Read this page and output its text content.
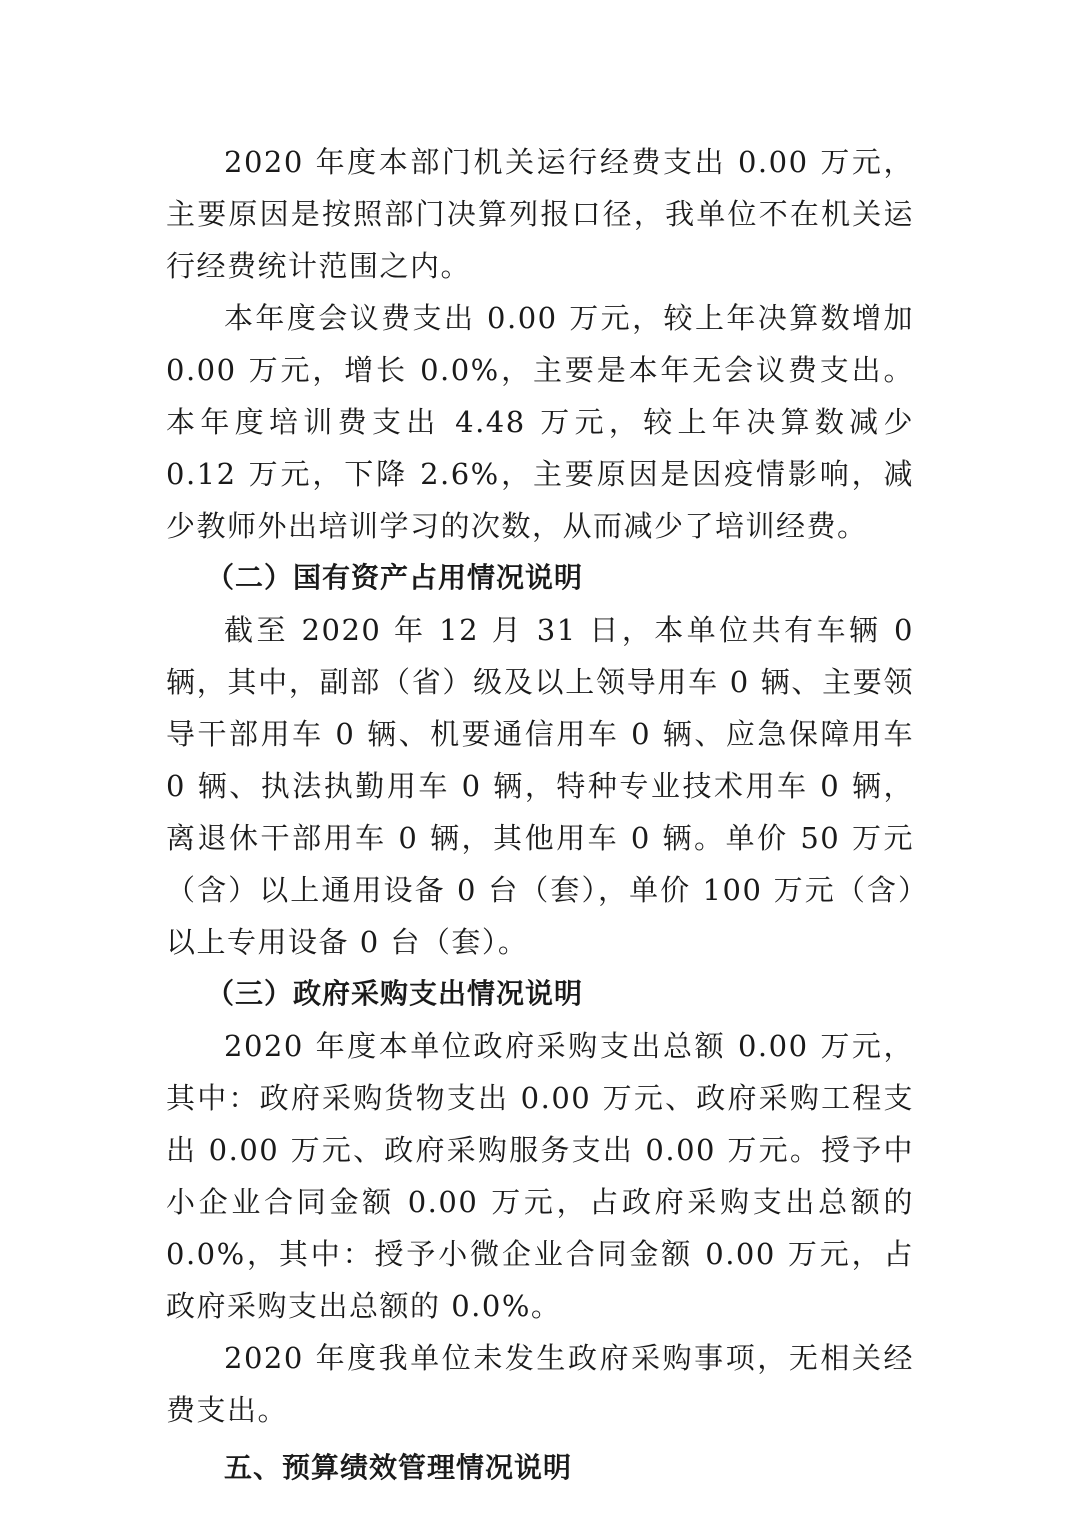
2020 年度本部门机关运行经费支出 0.00 万元，主要原因是按照部门决算列报口径，我单位不在机关运行经费统计范围之内。

本年度会议费支出 0.00 万元，较上年决算数增加 0.00 万元，增长 0.0%，主要是本年无会议费支出。本年度培训费支出 4.48 万元，较上年决算数减少 0.12 万元，下降 2.6%，主要原因是因疫情影响，减少教师外出培训学习的次数，从而减少了培训经费。

（二）国有资产占用情况说明

截至 2020 年 12 月 31 日，本单位共有车辆 0 辆，其中，副部（省）级及以上领导用车 0 辆、主要领导干部用车 0 辆、机要通信用车 0 辆、应急保障用车 0 辆、执法执勤用车 0 辆，特种专业技术用车 0 辆，离退休干部用车 0 辆，其他用车 0 辆。单价 50 万元（含）以上通用设备 0 台（套），单价 100 万元（含）以上专用设备 0 台（套）。

（三）政府采购支出情况说明

2020 年度本单位政府采购支出总额 0.00 万元，其中：政府采购货物支出 0.00 万元、政府采购工程支出 0.00 万元、政府采购服务支出 0.00 万元。授予中小企业合同金额 0.00 万元，占政府采购支出总额的 0.0%，其中：授予小微企业合同金额 0.00 万元，占政府采购支出总额的 0.0%。

2020 年度我单位未发生政府采购事项，无相关经费支出。

五、预算绩效管理情况说明
